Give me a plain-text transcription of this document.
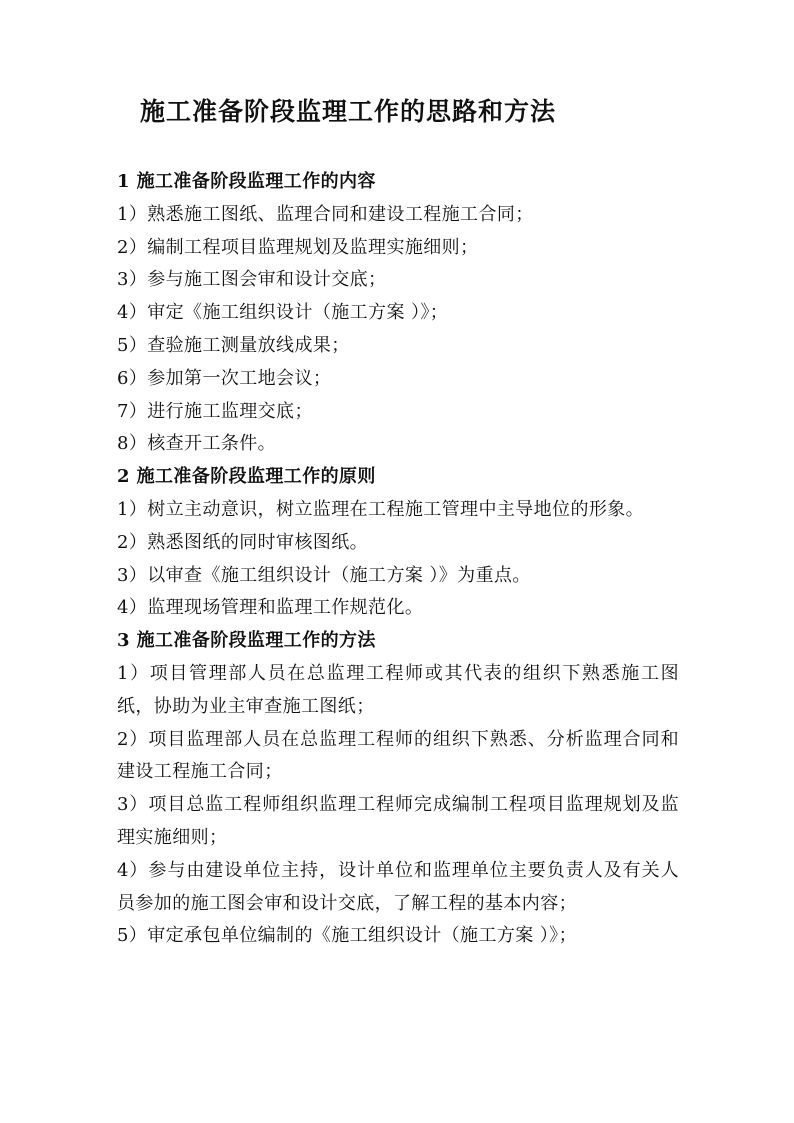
施工准备阶段监理工作的思路和方法
1 施工准备阶段监理工作的内容
1）熟悉施工图纸、监理合同和建设工程施工合同；
2）编制工程项目监理规划及监理实施细则；
3）参与施工图会审和设计交底；
4）审定《施工组织设计（施工方案 ）》；
5）查验施工测量放线成果；
6）参加第一次工地会议；
7）进行施工监理交底；
8）核查开工条件。
2 施工准备阶段监理工作的原则
1）树立主动意识，树立监理在工程施工管理中主导地位的形象。
2）熟悉图纸的同时审核图纸。
3）以审查《施工组织设计（施工方案 ）》为重点。
4）监理现场管理和监理工作规范化。
3 施工准备阶段监理工作的方法
1）项目管理部人员在总监理工程师或其代表的组织下熟悉施工图纸，协助为业主审查施工图纸；
2）项目监理部人员在总监理工程师的组织下熟悉、分析监理合同和建设工程施工合同；
3）项目总监工程师组织监理工程师完成编制工程项目监理规划及监理实施细则；
4）参与由建设单位主持，设计单位和监理单位主要负责人及有关人员参加的施工图会审和设计交底，了解工程的基本内容；
5）审定承包单位编制的《施工组织设计（施工方案 ）》；
